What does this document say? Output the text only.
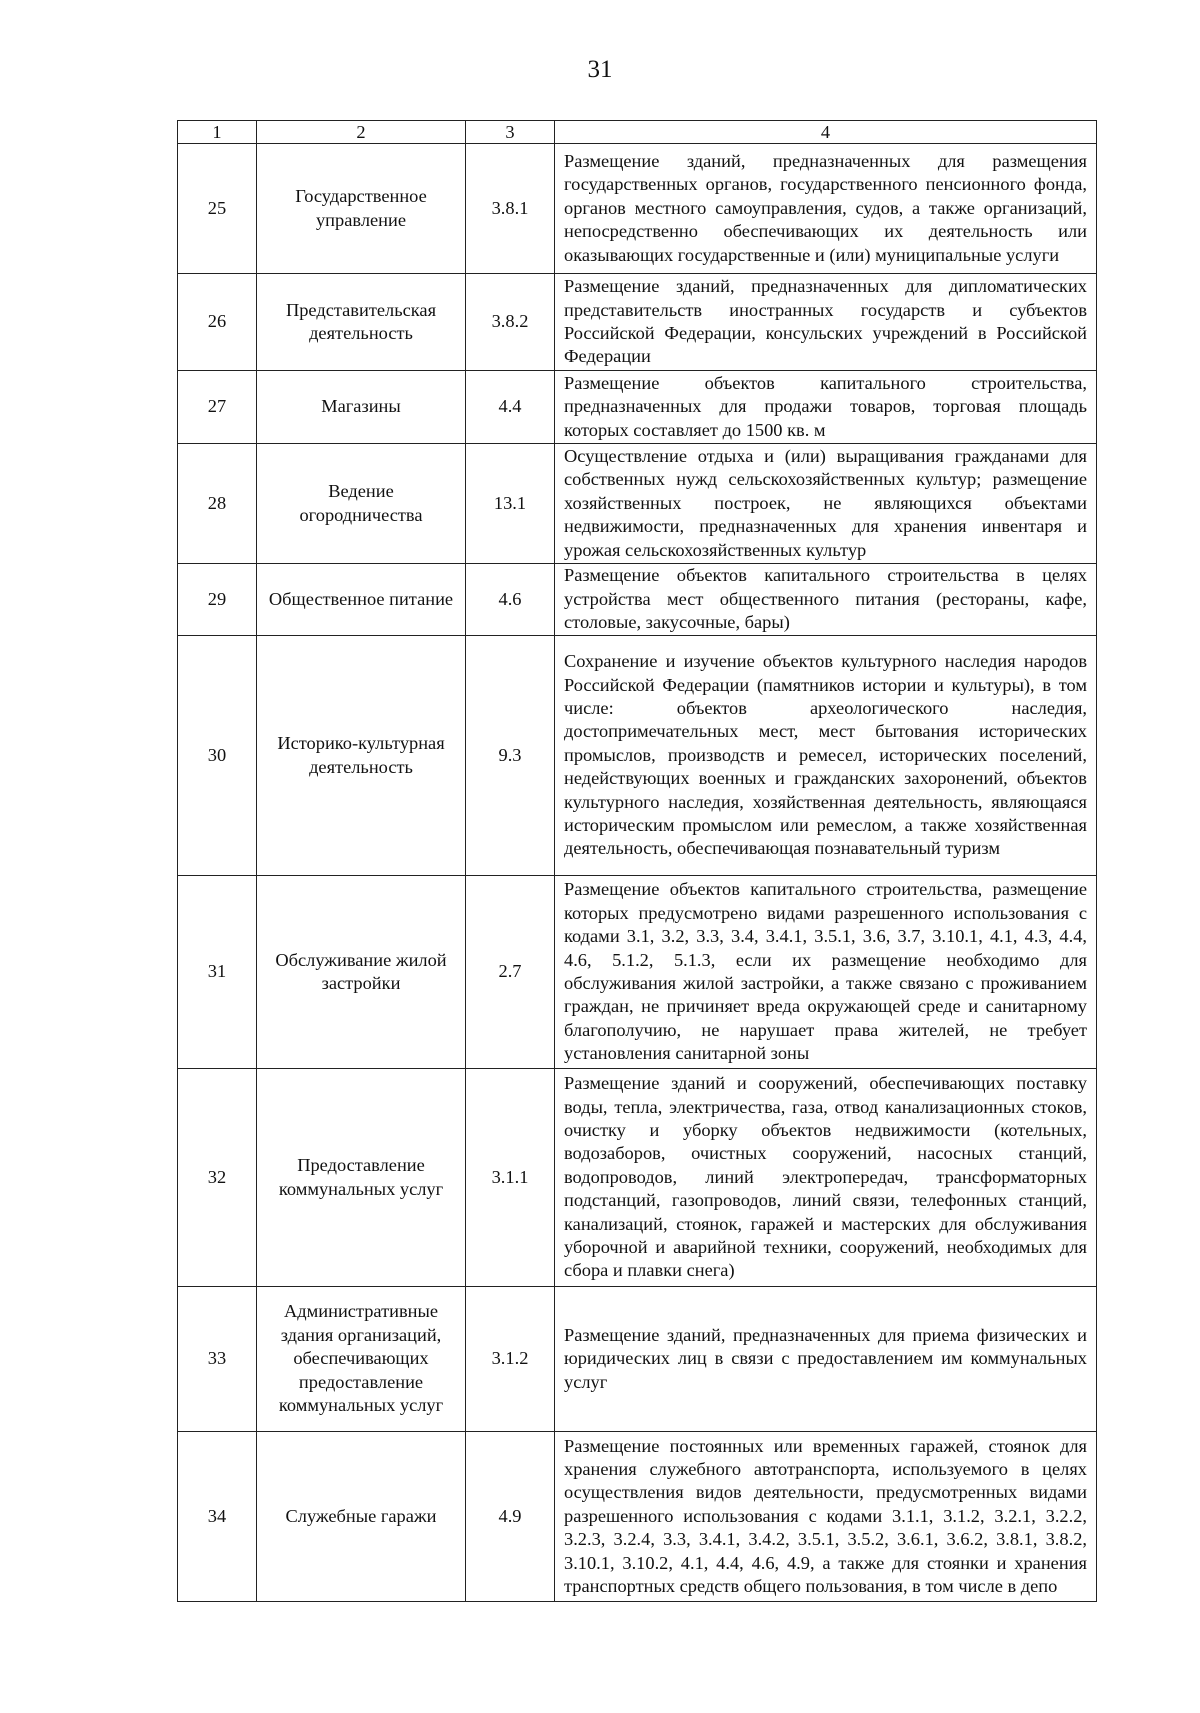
31
1	2	3	4
25	Государственное управление	3.8.1	Размещение зданий, предназначенных для размещения государственных органов, государственного пенсионного фонда, органов местного самоуправления, судов, а также организаций, непосредственно обеспечивающих их деятельность или оказывающих государственные и (или) муниципальные услуги
26	Представительская деятельность	3.8.2	Размещение зданий, предназначенных для дипломатических представительств иностранных государств и субъектов Российской Федерации, консульских учреждений в Российской Федерации
27	Магазины	4.4	Размещение объектов капитального строительства, предназначенных для продажи товаров, торговая площадь которых составляет до 1500 кв. м
28	Ведение огородничества	13.1	Осуществление отдыха и (или) выращивания гражданами для собственных нужд сельскохозяйственных культур; размещение хозяйственных построек, не являющихся объектами недвижимости, предназначенных для хранения инвентаря и урожая сельскохозяйственных культур
29	Общественное питание	4.6	Размещение объектов капитального строительства в целях устройства мест общественного питания (рестораны, кафе, столовые, закусочные, бары)
30	Историко-культурная деятельность	9.3	Сохранение и изучение объектов культурного наследия народов Российской Федерации (памятников истории и культуры), в том числе: объектов археологического наследия, достопримечательных мест, мест бытования исторических промыслов, производств и ремесел, исторических поселений, недействующих военных и гражданских захоронений, объектов культурного наследия, хозяйственная деятельность, являющаяся историческим промыслом или ремеслом, а также хозяйственная деятельность, обеспечивающая познавательный туризм
31	Обслуживание жилой застройки	2.7	Размещение объектов капитального строительства, размещение которых предусмотрено видами разрешенного использования с кодами 3.1, 3.2, 3.3, 3.4, 3.4.1, 3.5.1, 3.6, 3.7, 3.10.1, 4.1, 4.3, 4.4, 4.6, 5.1.2, 5.1.3, если их размещение необходимо для обслуживания жилой застройки, а также связано с проживанием граждан, не причиняет вреда окружающей среде и санитарному благополучию, не нарушает права жителей, не требует установления санитарной зоны
32	Предоставление коммунальных услуг	3.1.1	Размещение зданий и сооружений, обеспечивающих поставку воды, тепла, электричества, газа, отвод канализационных стоков, очистку и уборку объектов недвижимости (котельных, водозаборов, очистных сооружений, насосных станций, водопроводов, линий электропередач, трансформаторных подстанций, газопроводов, линий связи, телефонных станций, канализаций, стоянок, гаражей и мастерских для обслуживания уборочной и аварийной техники, сооружений, необходимых для сбора и плавки снега)
33	Административные здания организаций, обеспечивающих предоставление коммунальных услуг	3.1.2	Размещение зданий, предназначенных для приема физических и юридических лиц в связи с предоставлением им коммунальных услуг
34	Служебные гаражи	4.9	Размещение постоянных или временных гаражей, стоянок для хранения служебного автотранспорта, используемого в целях осуществления видов деятельности, предусмотренных видами разрешенного использования с кодами 3.1.1, 3.1.2, 3.2.1, 3.2.2, 3.2.3, 3.2.4, 3.3, 3.4.1, 3.4.2, 3.5.1, 3.5.2, 3.6.1, 3.6.2, 3.8.1, 3.8.2, 3.10.1, 3.10.2, 4.1, 4.4, 4.6, 4.9, а также для стоянки и хранения транспортных средств общего пользования, в том числе в депо
